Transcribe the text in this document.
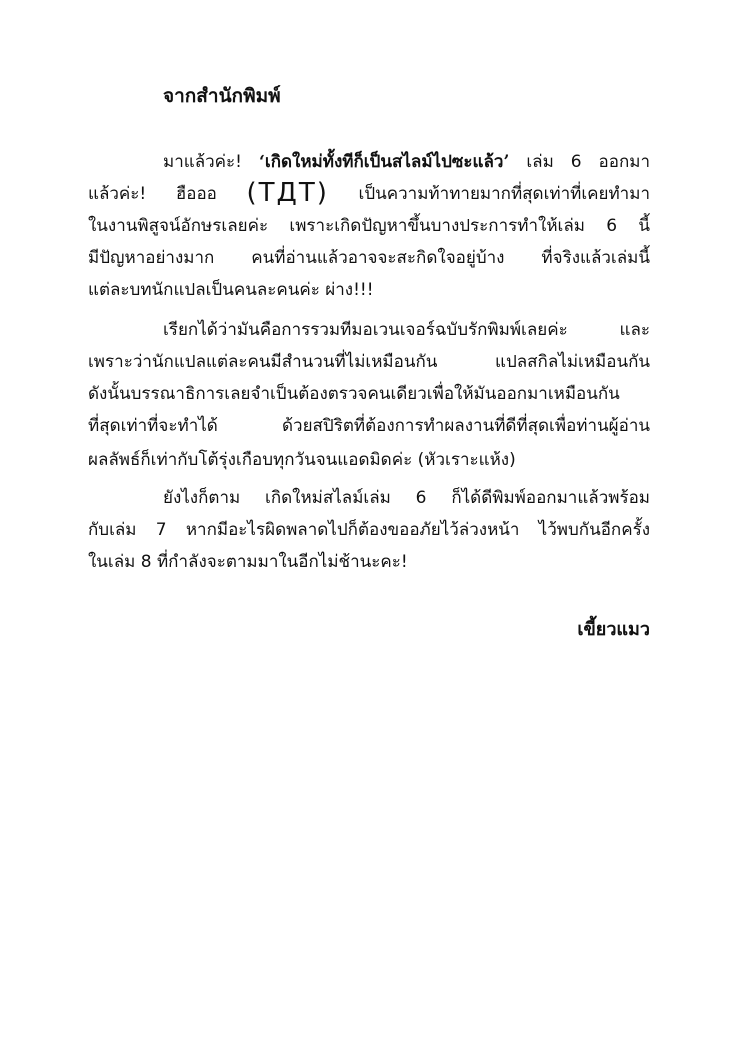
จากสำนักพิมพ์
มาแล้วค่ะ! ‘เกิดใหม่ทั้งทีก็เป็นสไลม์ไปซะแล้ว’ เล่ม 6 ออกมา
แล้วค่ะ! ฮือออ (TДT) เป็นความท้าทายมากที่สุดเท่าที่เคยทำมา
ในงานพิสูจน์อักษรเลยค่ะ เพราะเกิดปัญหาขึ้นบางประการทำให้เล่ม 6 นี้
มีปัญหาอย่างมาก คนที่อ่านแล้วอาจจะสะกิดใจอยู่บ้าง ที่จริงแล้วเล่มนี้
แต่ละบทนักแปลเป็นคนละคนค่ะ ผ่าง!!!
เรียกได้ว่ามันคือการรวมทีมอเวนเจอร์ฉบับรักพิมพ์เลยค่ะ และ
เพราะว่านักแปลแต่ละคนมีสำนวนที่ไม่เหมือนกัน แปลสกิลไม่เหมือนกัน
ดังนั้นบรรณาธิการเลยจำเป็นต้องตรวจคนเดียวเพื่อให้มันออกมาเหมือนกัน
ที่สุดเท่าที่จะทำได้ ด้วยสปิริตที่ต้องการทำผลงานที่ดีที่สุดเพื่อท่านผู้อ่าน
ผลลัพธ์ก็เท่ากับโต้รุ่งเกือบทุกวันจนแอดมิดค่ะ (หัวเราะแห้ง)
ยังไงก็ตาม เกิดใหม่สไลม์เล่ม 6 ก็ได้ดีพิมพ์ออกมาแล้วพร้อม
กับเล่ม 7 หากมีอะไรผิดพลาดไปก็ต้องขออภัยไว้ล่วงหน้า ไว้พบกันอีกครั้ง
ในเล่ม 8 ที่กำลังจะตามมาในอีกไม่ช้านะคะ!
เขี้ยวแมว
